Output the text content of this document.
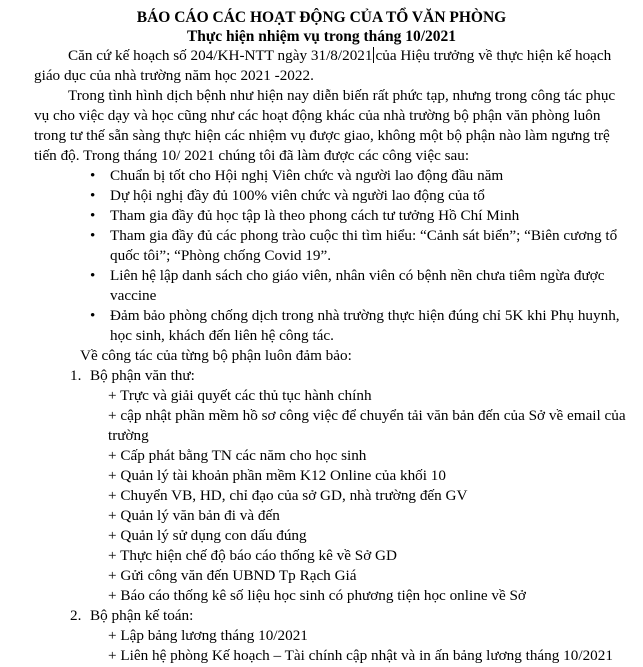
BÁO CÁO CÁC HOẠT ĐỘNG CỦA TỔ VĂN PHÒNG
Thực hiện nhiệm vụ trong tháng 10/2021
Căn cứ kế hoạch số 204/KH-NTT ngày 31/8/2021 của Hiệu trưởng về thực hiện kế hoạch giáo dục của nhà trường năm học 2021 -2022.
Trong tình hình dịch bệnh như hiện nay diễn biến rất phức tạp, nhưng trong công tác phục vụ cho việc dạy và học cũng như các hoạt động khác của nhà trường bộ phận văn phòng luôn trong tư thế sẵn sàng thực hiện các nhiệm vụ được giao, không một bộ phận nào làm ngưng trệ tiến độ. Trong tháng 10/ 2021 chúng tôi đã làm được các công việc sau:
• Chuẩn bị tốt cho Hội nghị Viên chức và người lao động đầu năm
• Dự hội nghị đầy đủ 100% viên chức và người lao động của tổ
• Tham gia đầy đủ học tập là theo phong cách tư tưởng Hồ Chí Minh
• Tham gia đầy đủ các phong trào cuộc thi tìm hiểu: “Cảnh sát biển”; “Biên cương tổ quốc tôi”; “Phòng chống Covid 19”.
• Liên hệ lập danh sách cho giáo viên, nhân viên có bệnh nền chưa tiêm ngừa được vaccine
• Đảm bảo phòng chống dịch trong nhà trường thực hiện đúng chỉ 5K khi Phụ huynh, học sinh, khách đến liên hệ công tác.
Về công tác của từng bộ phận luôn đảm bảo:
1. Bộ phận văn thư:
+ Trực và giải quyết các thủ tục hành chính
+ cập nhật phần mềm hồ sơ công việc để chuyển tải văn bản đến của Sở về email của trường
+ Cấp phát bằng TN các năm cho học sinh
+ Quản lý tài khoản phần mềm K12 Online của khối 10
+ Chuyển VB, HD, chỉ đạo của sở GD, nhà trường đến GV
+ Quản lý văn bản đi và đến
+ Quản lý sử dụng con dấu đúng
+ Thực hiện chế độ báo cáo thống kê về Sở GD
+ Gửi công văn đến UBND Tp Rạch Giá
+ Báo cáo thống kê số liệu học sinh có phương tiện học online về Sở
2. Bộ phận kế toán:
+ Lập bảng lương tháng 10/2021
+ Liên hệ phòng Kế hoạch – Tài chính cập nhật và in ấn bảng lương tháng 10/2021
